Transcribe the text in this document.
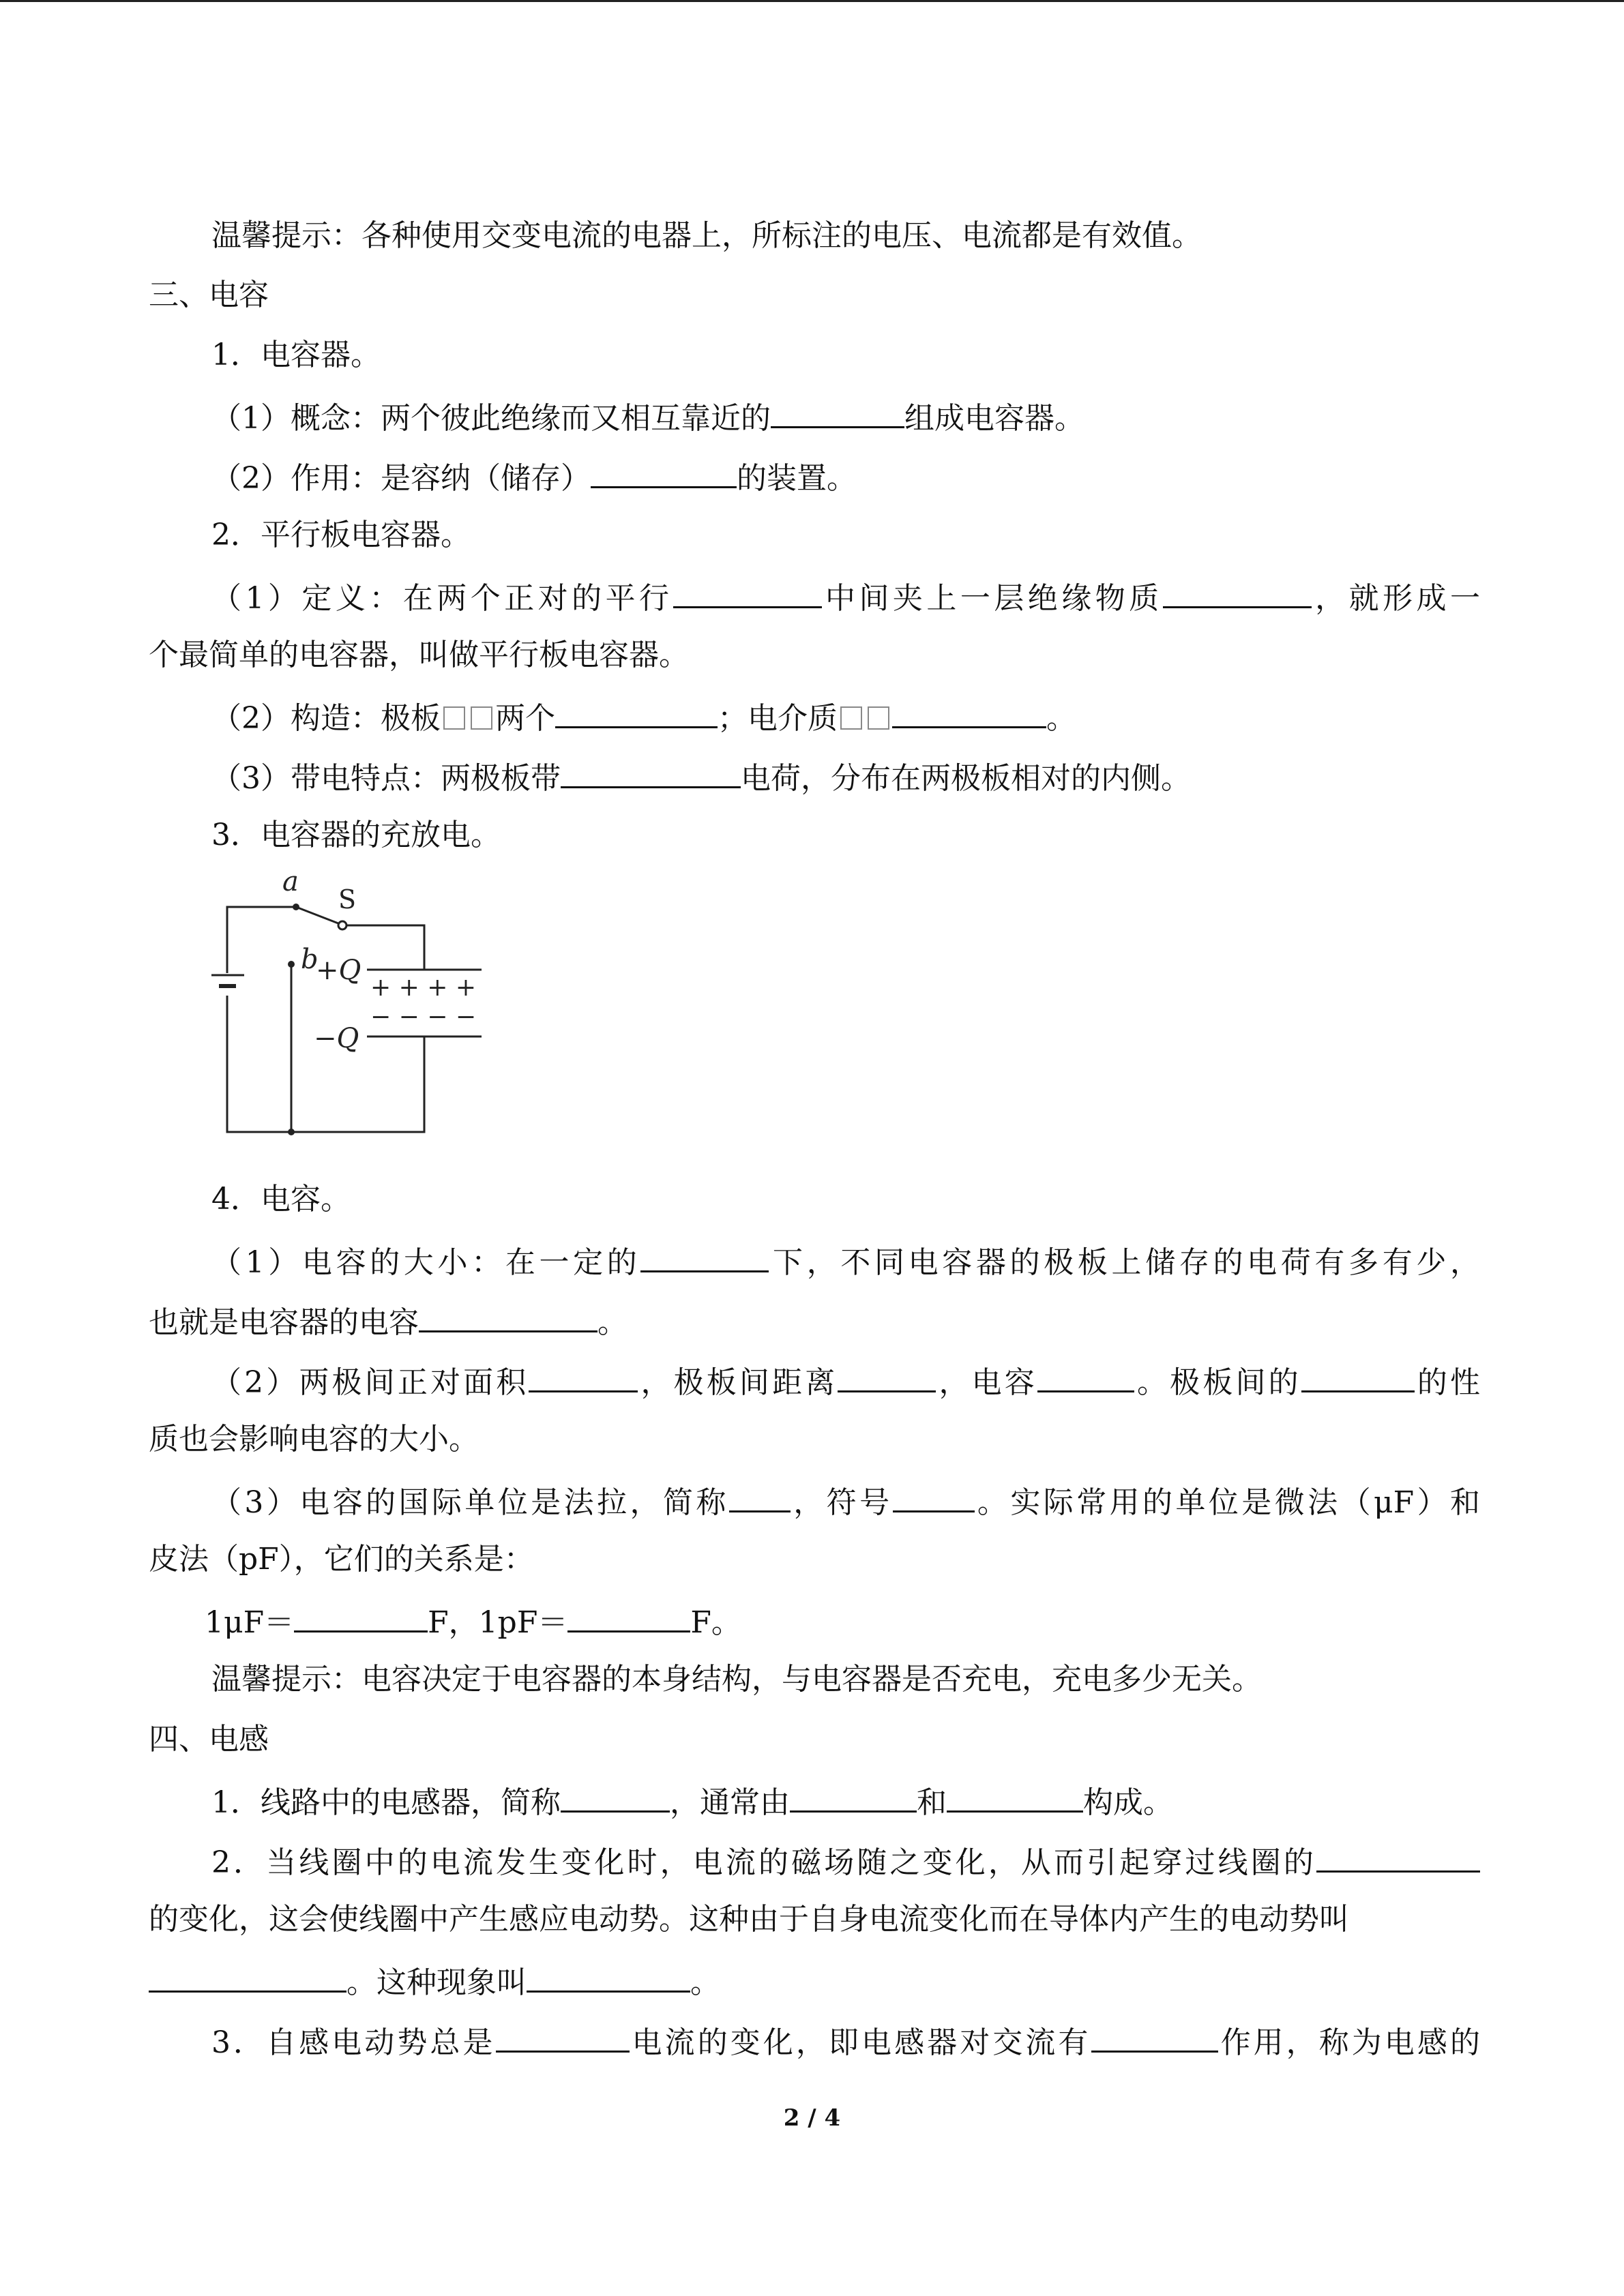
温馨提示：各种使用交变电流的电器上，所标注的电压、电流都是有效值。
三、电容
1．电容器。
（1）概念：两个彼此绝缘而又相互靠近的	组成电容器。
（2）作用：是容纳（储存）	的装置。
2．平行板电容器。
（1）定义：在两个正对的平行	中间夹上一层绝缘物质	，就形成一
个最简单的电容器，叫做平行板电容器。
（2）构造：极板 两个	；电介质	。
（3）带电特点：两极板带	电荷，分布在两极板相对的内侧。
3．电容器的充放电。
a
S
b
+Q
−Q
+ + + +
− − − −
4．电容。
（1）电容的大小：在一定的	下，不同电容器的极板上储存的电荷有多有少，
也就是电容器的电容	。
（2）两极间正对面积	，极板间距离	，电容	。极板间的	的性
质也会影响电容的大小。
（3）电容的国际单位是法拉，简称 ，符号	。实际常用的单位是微法（μF）和
皮法（pF），它们的关系是：
1μF＝	F，1pF＝	F。
温馨提示：电容决定于电容器的本身结构，与电容器是否充电，充电多少无关。
四、电感
1．线路中的电感器，简称	，通常由	和	构成。
2．当线圈中的电流发生变化时，电流的磁场随之变化，从而引起穿过线圈的
的变化，这会使线圈中产生感应电动势。这种由于自身电流变化而在导体内产生的电动势叫
。这种现象叫	。
3．自感电动势总是	电流的变化，即电感器对交流有	作用，称为电感的
2 / 4
